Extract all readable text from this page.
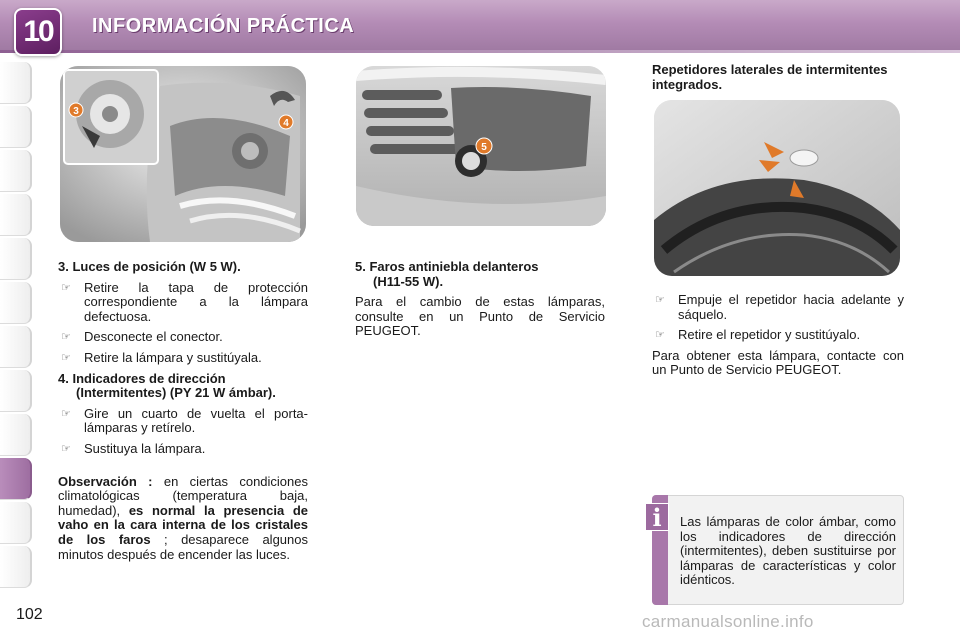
10	INFORMACIÓN PRÁCTICA
3
4
5

3. Luces de posición (W 5 W).

☞ Retire la tapa de protección correspondiente a la lámpara defectuosa.
☞ Desconecte el conector.
☞ Retire la lámpara y sustitúyala.

4. Indicadores de dirección
(Intermitentes) (PY 21 W ámbar).

☞ Gire un cuarto de vuelta el porta-lámparas y retírelo.
☞ Sustituya la lámpara.

Observación : en ciertas condiciones climatológicas (temperatura baja, humedad), es normal la presencia de vaho en la cara interna de los cristales de los faros ; desaparece algunos minutos después de encender las luces.

5. Faros antiniebla delanteros
(H11-55 W).

Para el cambio de estas lámparas, consulte en un Punto de Servicio PEUGEOT.

Repetidores laterales de intermitentes integrados.

☞ Empuje el repetidor hacia adelante y sáquelo.
☞ Retire el repetidor y sustitúyalo.

Para obtener esta lámpara, contacte con un Punto de Servicio PEUGEOT.

i	Las lámparas de color ámbar, como los indicadores de dirección (intermitentes), deben sustituirse por lámparas de características y color idénticos.
102	carmanualsonline.info
